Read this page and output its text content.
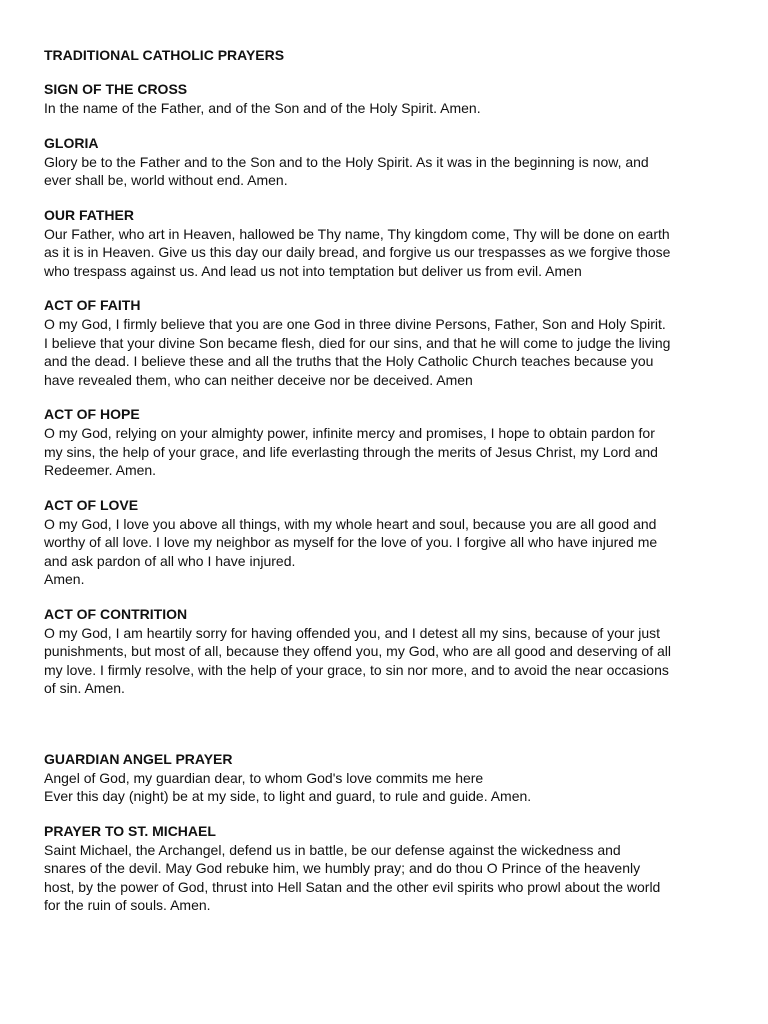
TRADITIONAL CATHOLIC PRAYERS
SIGN OF THE CROSS
In the name of the Father, and of the Son and of the Holy Spirit. Amen.
GLORIA
Glory be to the Father and to the Son and to the Holy Spirit. As it was in the beginning is now, and
ever shall be, world without end. Amen.
OUR FATHER
Our Father, who art in Heaven, hallowed be Thy name, Thy kingdom come, Thy will be done on earth
as it is in Heaven. Give us this day our daily bread, and forgive us our trespasses as we forgive those
who trespass against us. And lead us not into temptation but deliver us from evil. Amen
ACT OF FAITH
O my God, I firmly believe that you are one God in three divine Persons, Father, Son and Holy Spirit.
I believe that your divine Son became flesh, died for our sins, and that he will come to judge the living
and the dead. I believe these and all the truths that the Holy Catholic Church teaches because you
have revealed them, who can neither deceive nor be deceived. Amen
ACT OF HOPE
O my God, relying on your almighty power, infinite mercy and promises, I hope to obtain pardon for
my sins, the help of your grace, and life everlasting through the merits of Jesus Christ, my Lord and
Redeemer. Amen.
ACT OF LOVE
O my God, I love you above all things, with my whole heart and soul, because you are all good and
worthy of all love. I love my neighbor as myself for the love of you. I forgive all who have injured me
and ask pardon of all who I have injured.
Amen.
ACT OF CONTRITION
O my God, I am heartily sorry for having offended you, and I detest all my sins, because of your just
punishments, but most of all, because they offend you, my God, who are all good and deserving of all
my love. I firmly resolve, with the help of your grace, to sin nor more, and to avoid the near occasions
of sin. Amen.
GUARDIAN ANGEL PRAYER
Angel of God, my guardian dear, to whom God's love commits me here
Ever this day (night) be at my side, to light and guard, to rule and guide. Amen.
PRAYER TO ST. MICHAEL
Saint Michael, the Archangel, defend us in battle, be our defense against the wickedness and
snares of the devil. May God rebuke him, we humbly pray; and do thou O Prince of the heavenly
host, by the power of God, thrust into Hell Satan and the other evil spirits who prowl about the world
for the ruin of souls. Amen.
